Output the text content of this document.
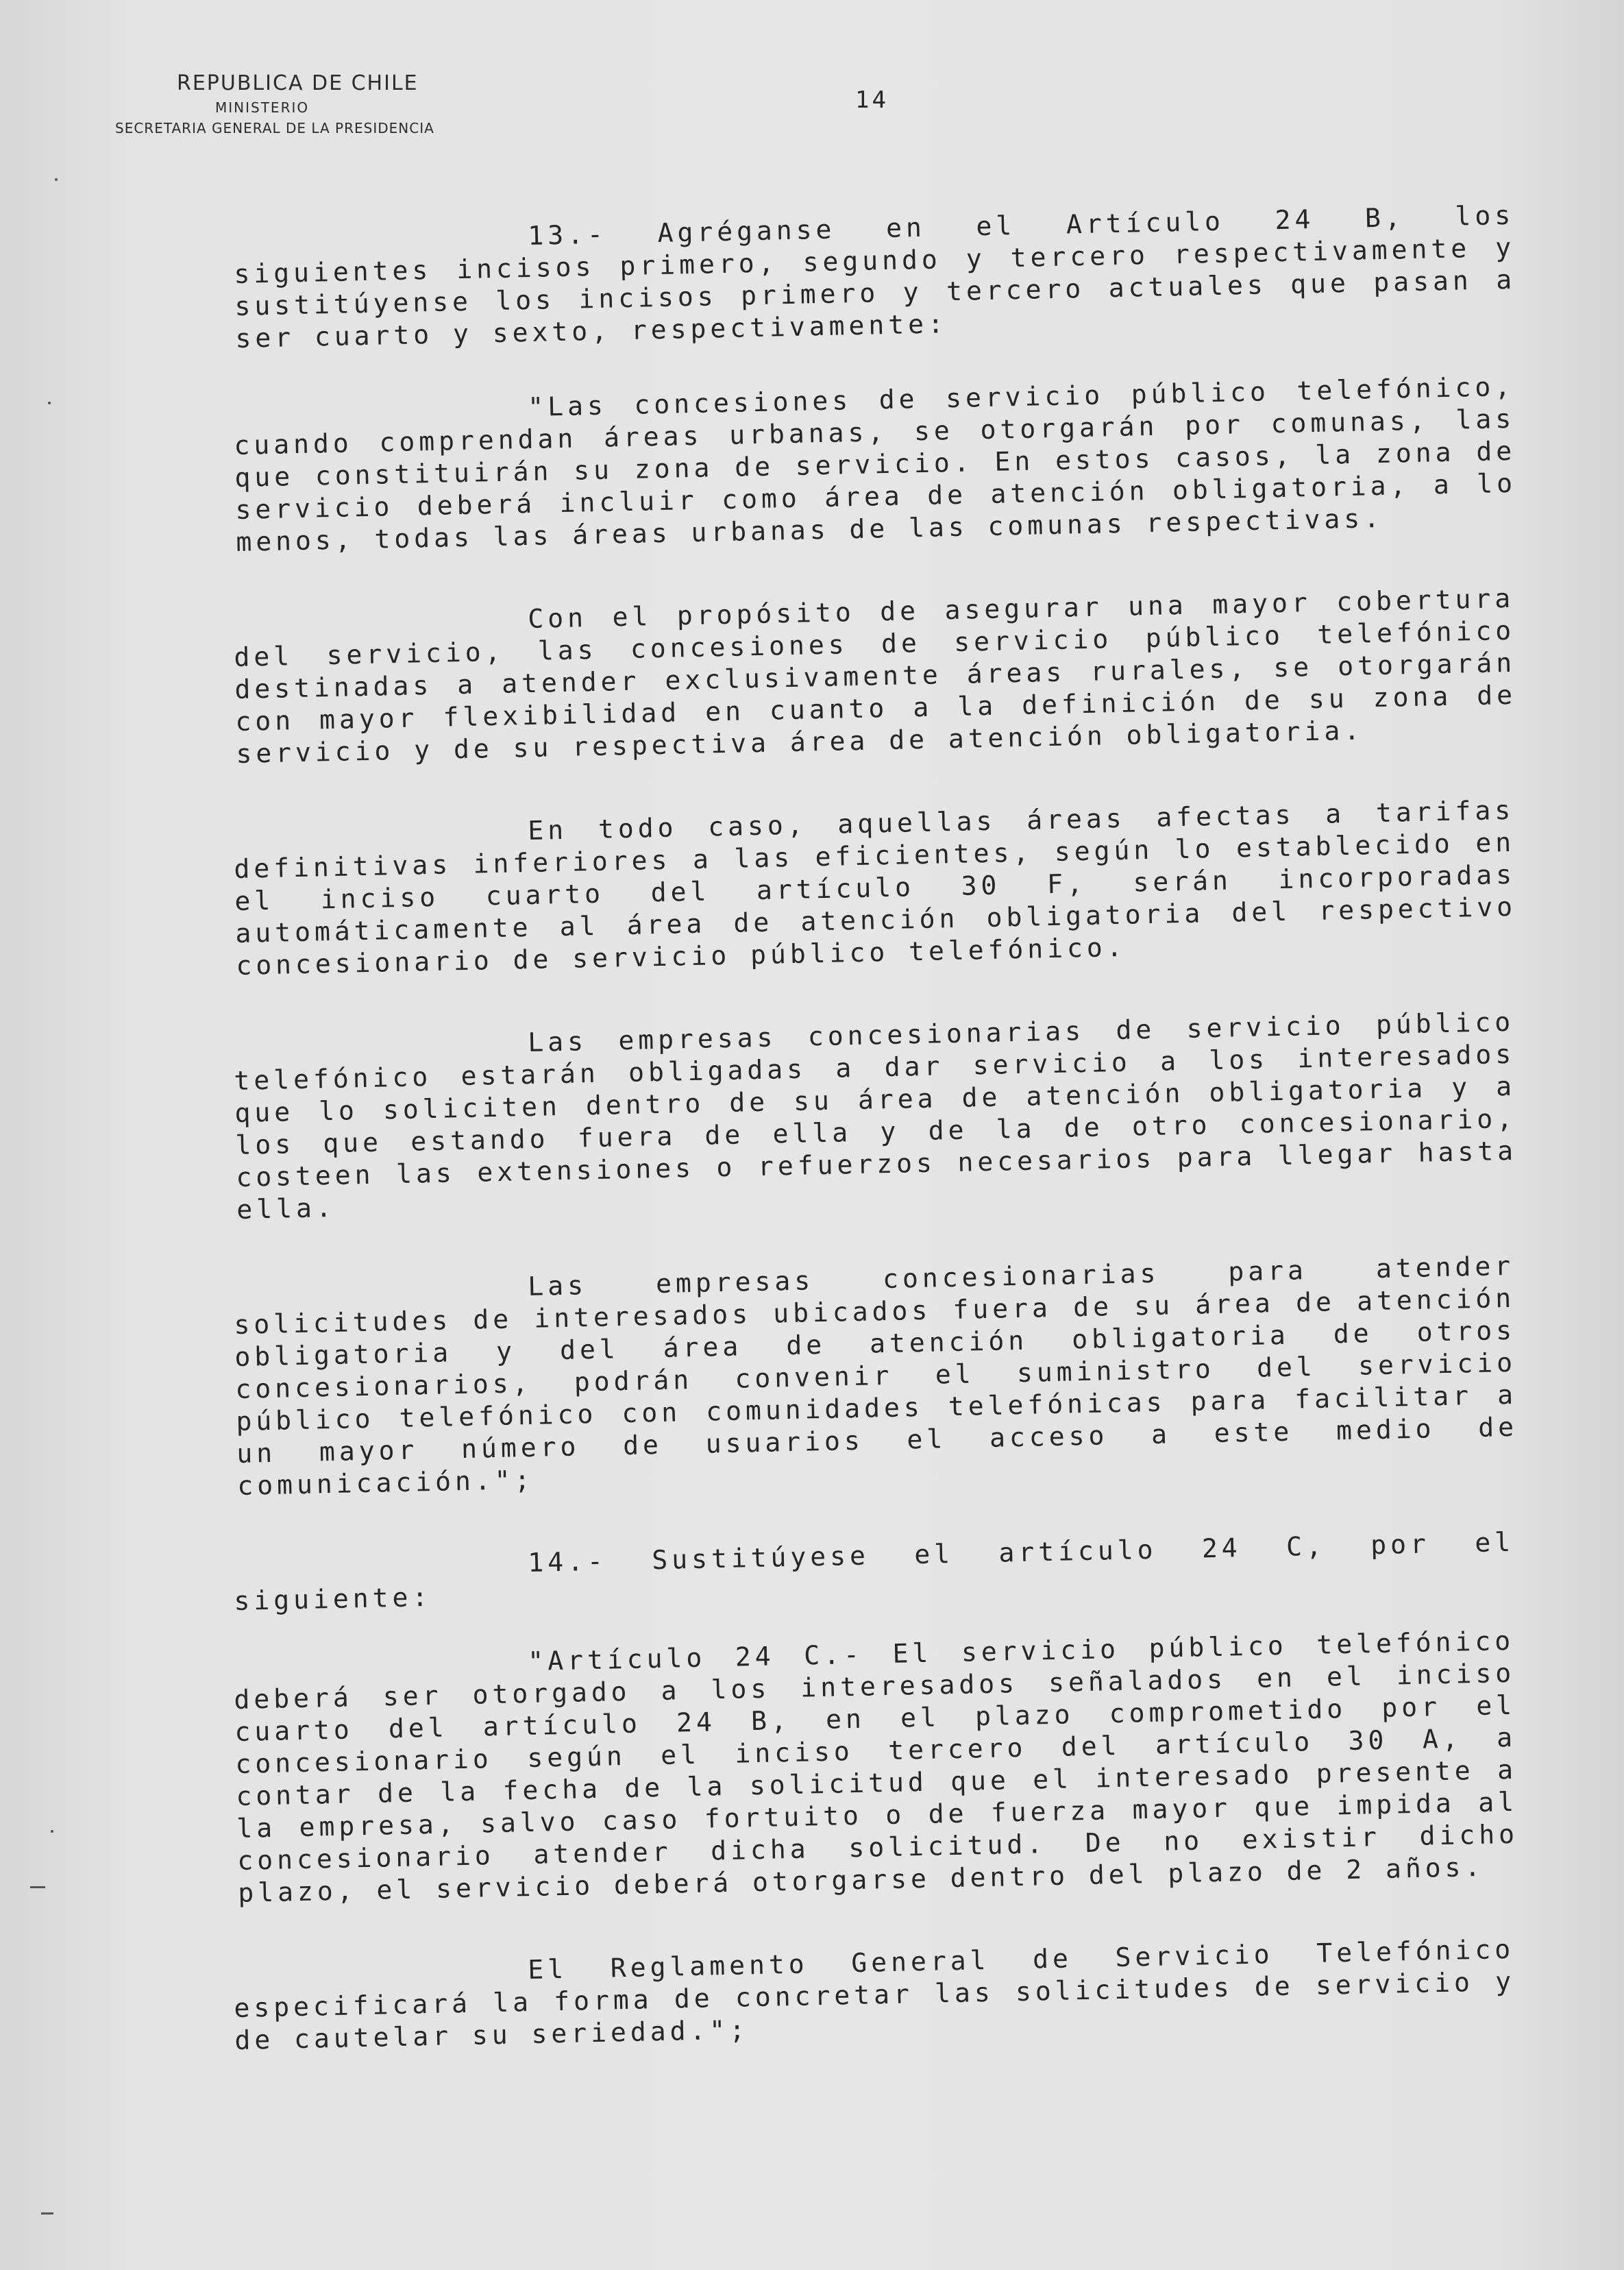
REPUBLICA DE CHILE
MINISTERIO
SECRETARIA GENERAL DE LA PRESIDENCIA
14

13.- Agréganse en el Artículo 24 B, los siguientes incisos primero, segundo y tercero respectivamente y sustitúyense los incisos primero y tercero actuales que pasan a ser cuarto y sexto, respectivamente:

"Las concesiones de servicio público telefónico, cuando comprendan áreas urbanas, se otorgarán por comunas, las que constituirán su zona de servicio. En estos casos, la zona de servicio deberá incluir como área de atención obligatoria, a lo menos, todas las áreas urbanas de las comunas respectivas.

Con el propósito de asegurar una mayor cobertura del servicio, las concesiones de servicio público telefónico destinadas a atender exclusivamente áreas rurales, se otorgarán con mayor flexibilidad en cuanto a la definición de su zona de servicio y de su respectiva área de atención obligatoria.

En todo caso, aquellas áreas afectas a tarifas definitivas inferiores a las eficientes, según lo establecido en el inciso cuarto del artículo 30 F, serán incorporadas automáticamente al área de atención obligatoria del respectivo concesionario de servicio público telefónico.

Las empresas concesionarias de servicio público telefónico estarán obligadas a dar servicio a los interesados que lo soliciten dentro de su área de atención obligatoria y a los que estando fuera de ella y de la de otro concesionario, costeen las extensiones o refuerzos necesarios para llegar hasta ella.

Las empresas concesionarias para atender solicitudes de interesados ubicados fuera de su área de atención obligatoria y del área de atención obligatoria de otros concesionarios, podrán convenir el suministro del servicio público telefónico con comunidades telefónicas para facilitar a un mayor número de usuarios el acceso a este medio de comunicación.";

14.- Sustitúyese el artículo 24 C, por el siguiente:

"Artículo 24 C.- El servicio público telefónico deberá ser otorgado a los interesados señalados en el inciso cuarto del artículo 24 B, en el plazo comprometido por el concesionario según el inciso tercero del artículo 30 A, a contar de la fecha de la solicitud que el interesado presente a la empresa, salvo caso fortuito o de fuerza mayor que impida al concesionario atender dicha solicitud. De no existir dicho plazo, el servicio deberá otorgarse dentro del plazo de 2 años.

El Reglamento General de Servicio Telefónico especificará la forma de concretar las solicitudes de servicio y de cautelar su seriedad.";
